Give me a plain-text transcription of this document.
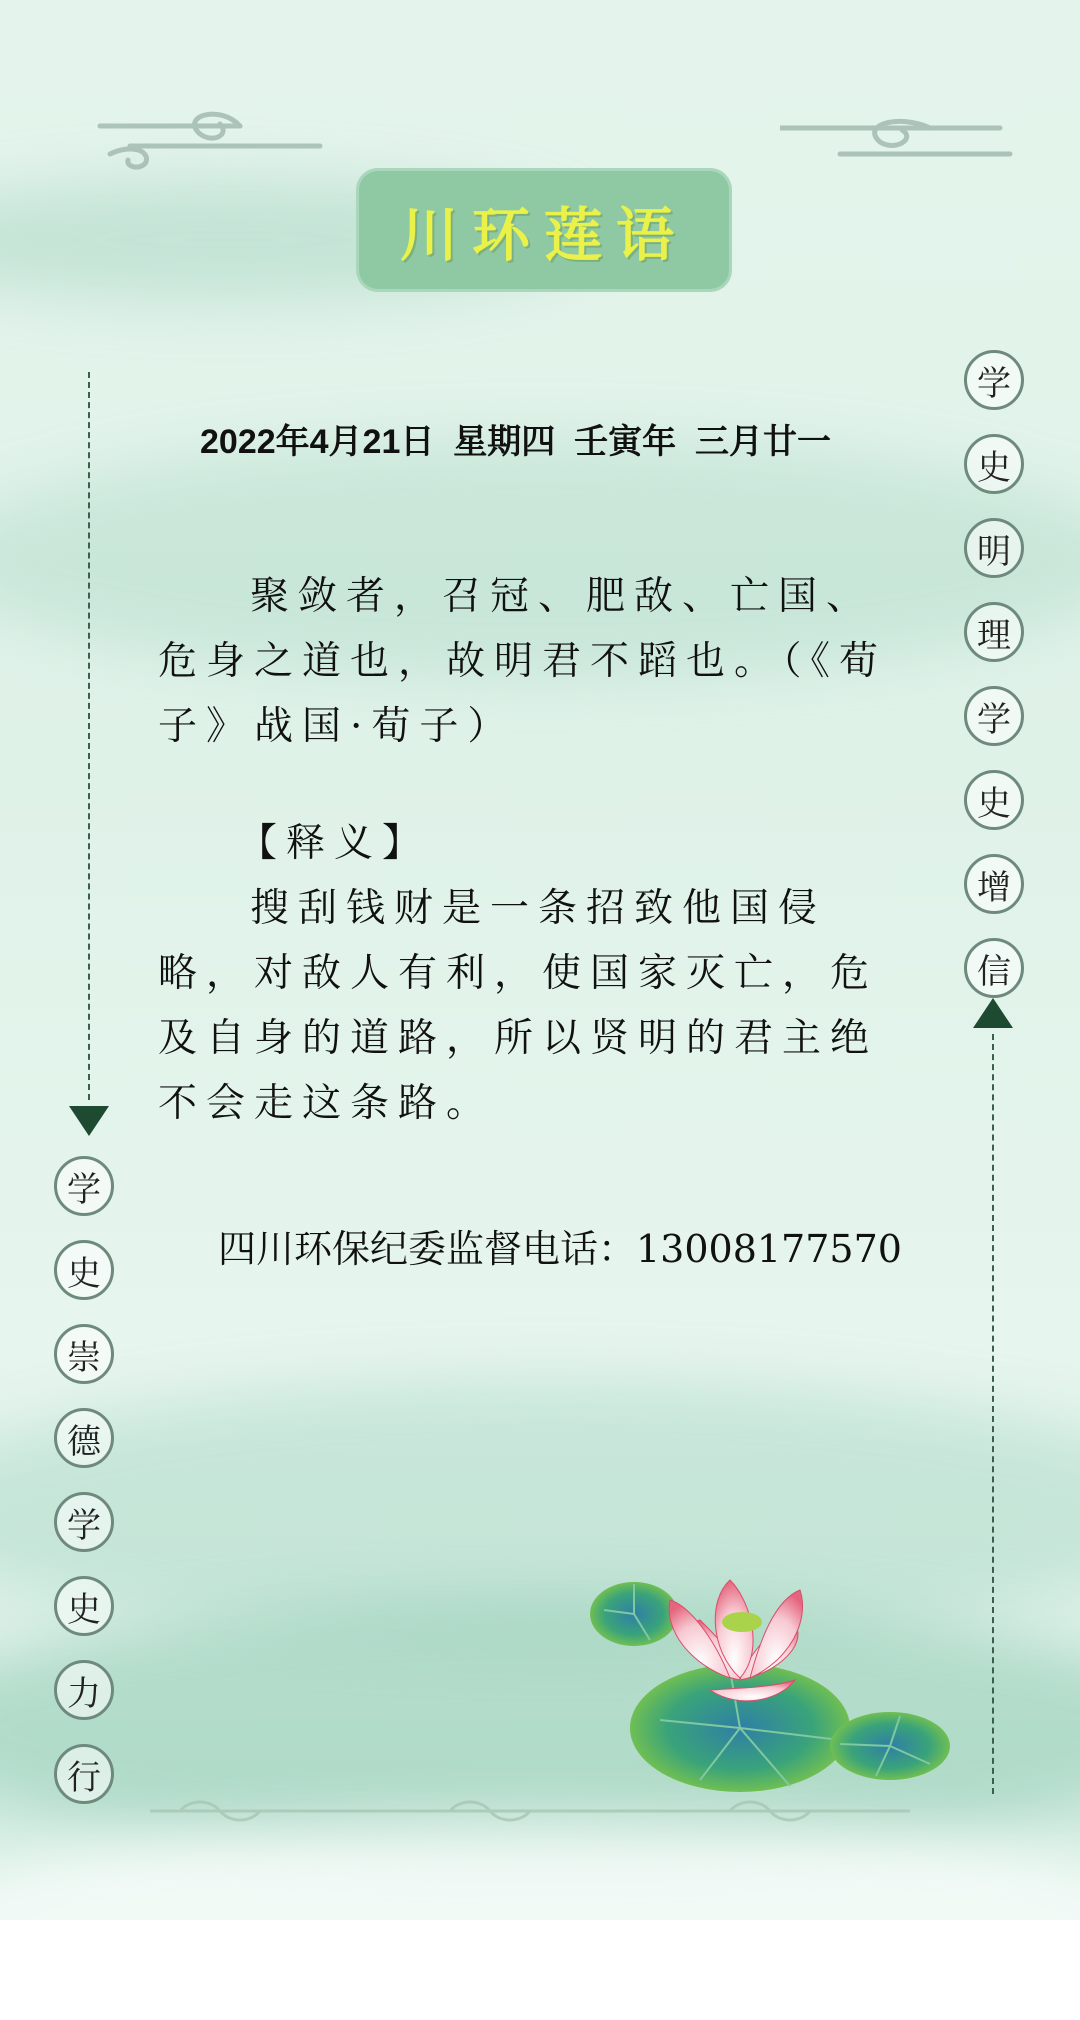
川环莲语
学
史
明
理
学
史
增
信
学
史
崇
德
学
史
力
行
2022年4月21日  星期四  壬寅年  三月廿一
聚敛者，召冠、肥敌、亡国、危身之道也，故明君不蹈也。（《荀子》战国·荀子）
【释义】
搜刮钱财是一条招致他国侵略，对敌人有利，使国家灭亡，危及自身的道路，所以贤明的君主绝不会走这条路。
四川环保纪委监督电话：13008177570
